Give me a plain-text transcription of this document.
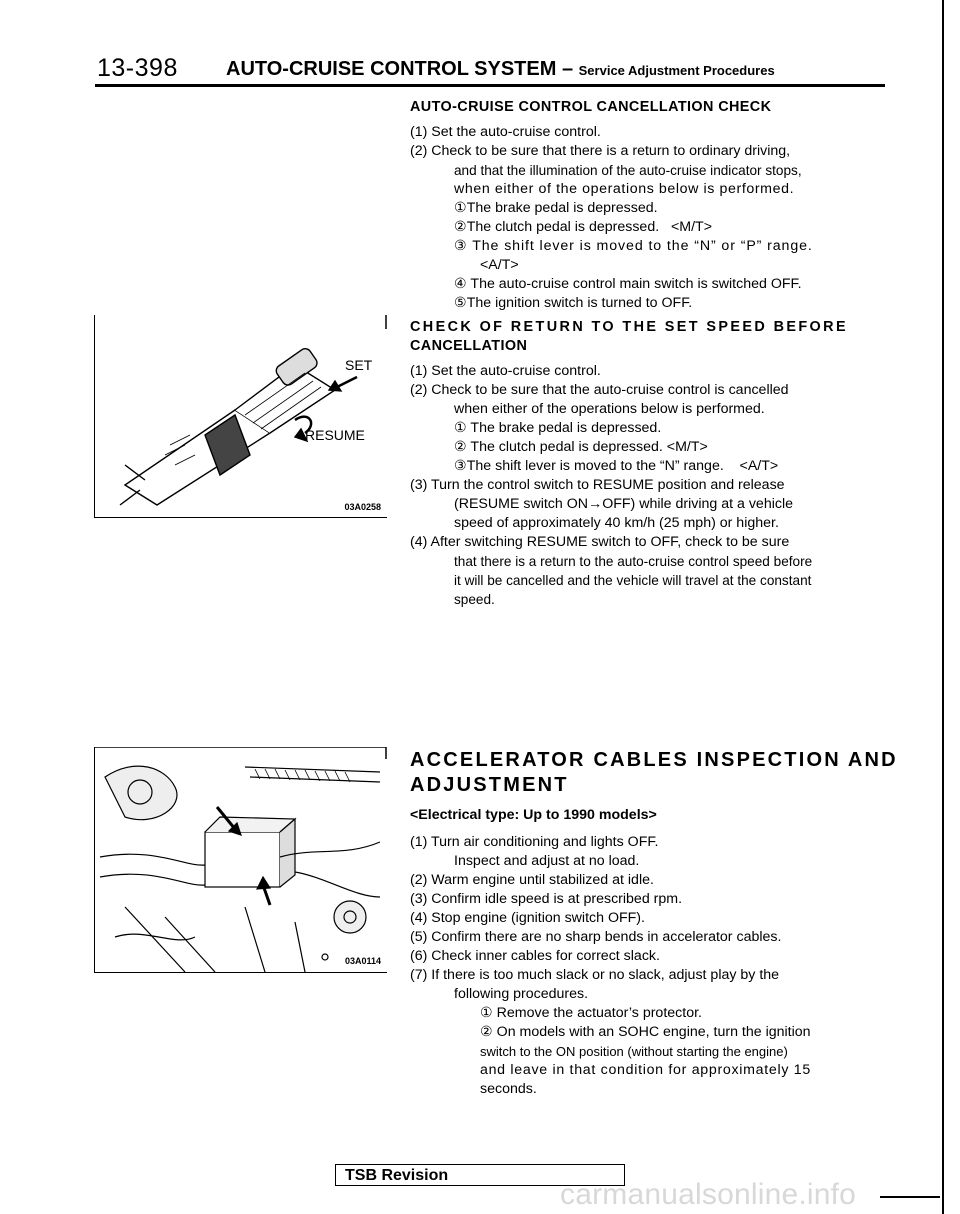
13-398 AUTO-CRUISE CONTROL SYSTEM – Service Adjustment Procedures

AUTO-CRUISE CONTROL CANCELLATION CHECK

(1) Set the auto-cruise control.

(2) Check to be sure that there is a return to ordinary driving,

and that the illumination of the auto-cruise indicator stops,

when either of the operations below is performed.

①The brake pedal is depressed.

②The clutch pedal is depressed.   <M/T>

③ The shift lever is moved to the “N” or “P” range.

<A/T>

④ The auto-cruise control main switch is switched OFF.

⑤The ignition switch is turned to OFF.

CHECK OF RETURN TO THE SET SPEED BEFORE

CANCELLATION

(1) Set the auto-cruise control.

(2) Check to be sure that the auto-cruise control is cancelled

when either of the operations below is performed.

① The brake pedal is depressed.

② The clutch pedal is depressed. <M/T>

③The shift lever is moved to the “N” range.    <A/T>

(3) Turn the control switch to RESUME position and release

(RESUME switch ON→OFF) while driving at a vehicle

speed of approximately 40 km/h (25 mph) or higher.

(4) After switching RESUME switch to OFF, check to be sure

that there is a return to the auto-cruise control speed before

it will be cancelled and the vehicle will travel at the constant

speed.

ACCELERATOR CABLES INSPECTION AND

ADJUSTMENT

<Electrical type: Up to 1990 models>

(1) Turn air conditioning and lights OFF.

Inspect and adjust at no load.

(2) Warm engine until stabilized at idle.

(3) Confirm idle speed is at prescribed rpm.

(4) Stop engine (ignition switch OFF).

(5) Confirm there are no sharp bends in accelerator cables.

(6) Check inner cables for correct slack.

(7) If there is too much slack or no slack, adjust play by the

following procedures.

① Remove the actuator’s protector.

② On models with an SOHC engine, turn the ignition

switch to the ON position (without starting the engine)

and leave in that condition for approximately 15

seconds.

SET
RESUME
03A0258
03A0114
TSB Revision
carmanualsonline.info
